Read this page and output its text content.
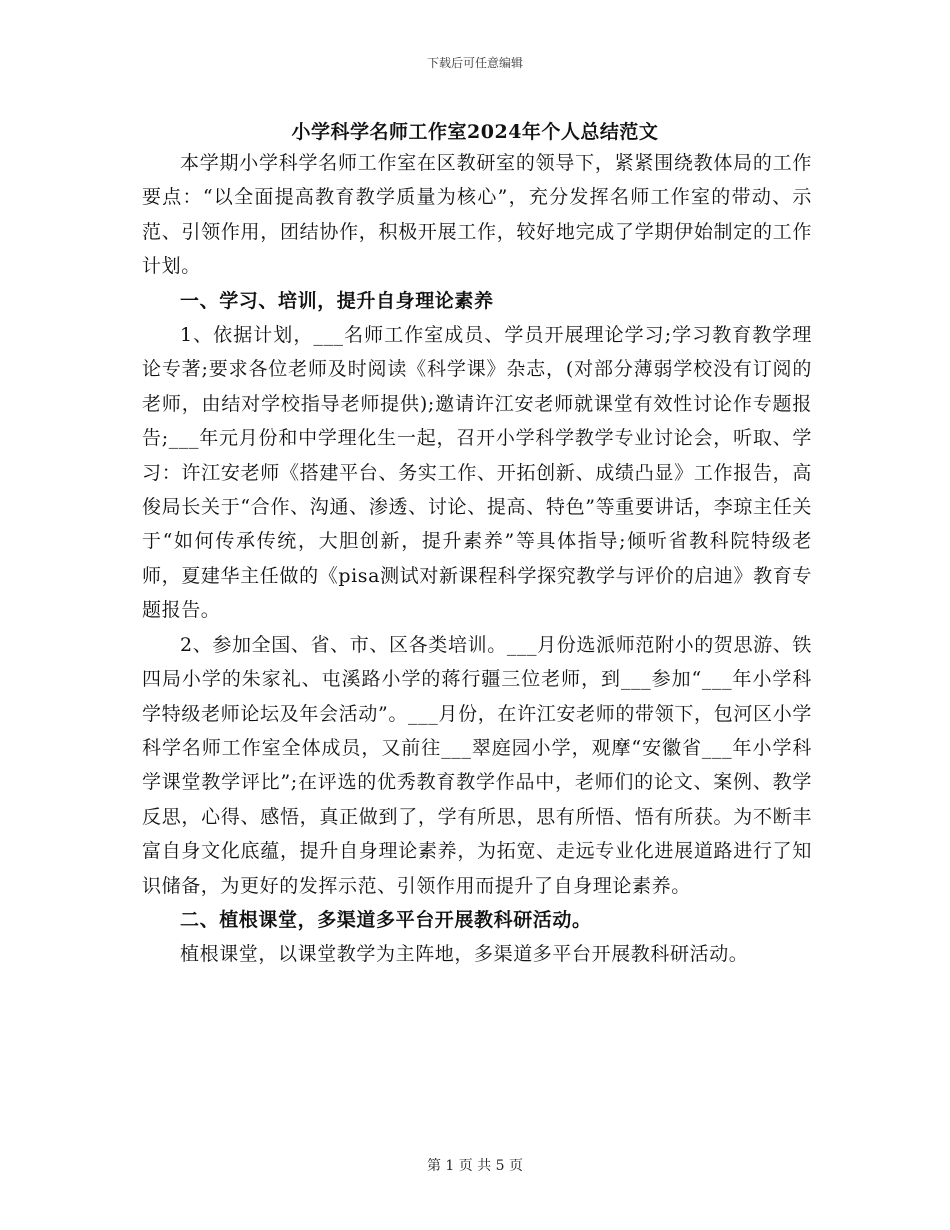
下载后可任意编辑
小学科学名师工作室2024年个人总结范文

本学期小学科学名师工作室在区教研室的领导下，紧紧围绕教体局的工作要点：“以全面提高教育教学质量为核心”，充分发挥名师工作室的带动、示范、引领作用，团结协作，积极开展工作，较好地完成了学期伊始制定的工作计划。

一、学习、培训，提升自身理论素养

1、依据计划，___名师工作室成员、学员开展理论学习;学习教育教学理论专著;要求各位老师及时阅读《科学课》杂志，(对部分薄弱学校没有订阅的老师，由结对学校指导老师提供);邀请许江安老师就课堂有效性讨论作专题报告;___年元月份和中学理化生一起，召开小学科学教学专业讨论会，听取、学习：许江安老师《搭建平台、务实工作、开拓创新、成绩凸显》工作报告，高俊局长关于“合作、沟通、渗透、讨论、提高、特色”等重要讲话，李琼主任关于“如何传承传统，大胆创新，提升素养”等具体指导;倾听省教科院特级老师，夏建华主任做的《pisa测试对新课程科学探究教学与评价的启迪》教育专题报告。

2、参加全国、省、市、区各类培训。___月份选派师范附小的贺思游、铁四局小学的朱家礼、屯溪路小学的蒋行疆三位老师，到___参加“___年小学科学特级老师论坛及年会活动”。___月份，在许江安老师的带领下，包河区小学科学名师工作室全体成员，又前往___翠庭园小学，观摩“安徽省___年小学科学课堂教学评比”;在评选的优秀教育教学作品中，老师们的论文、案例、教学反思，心得、感悟，真正做到了，学有所思，思有所悟、悟有所获。为不断丰富自身文化底蕴，提升自身理论素养，为拓宽、走远专业化进展道路进行了知识储备，为更好的发挥示范、引领作用而提升了自身理论素养。

二、植根课堂，多渠道多平台开展教科研活动。

植根课堂，以课堂教学为主阵地，多渠道多平台开展教科研活动。

第 1 页 共 5 页
